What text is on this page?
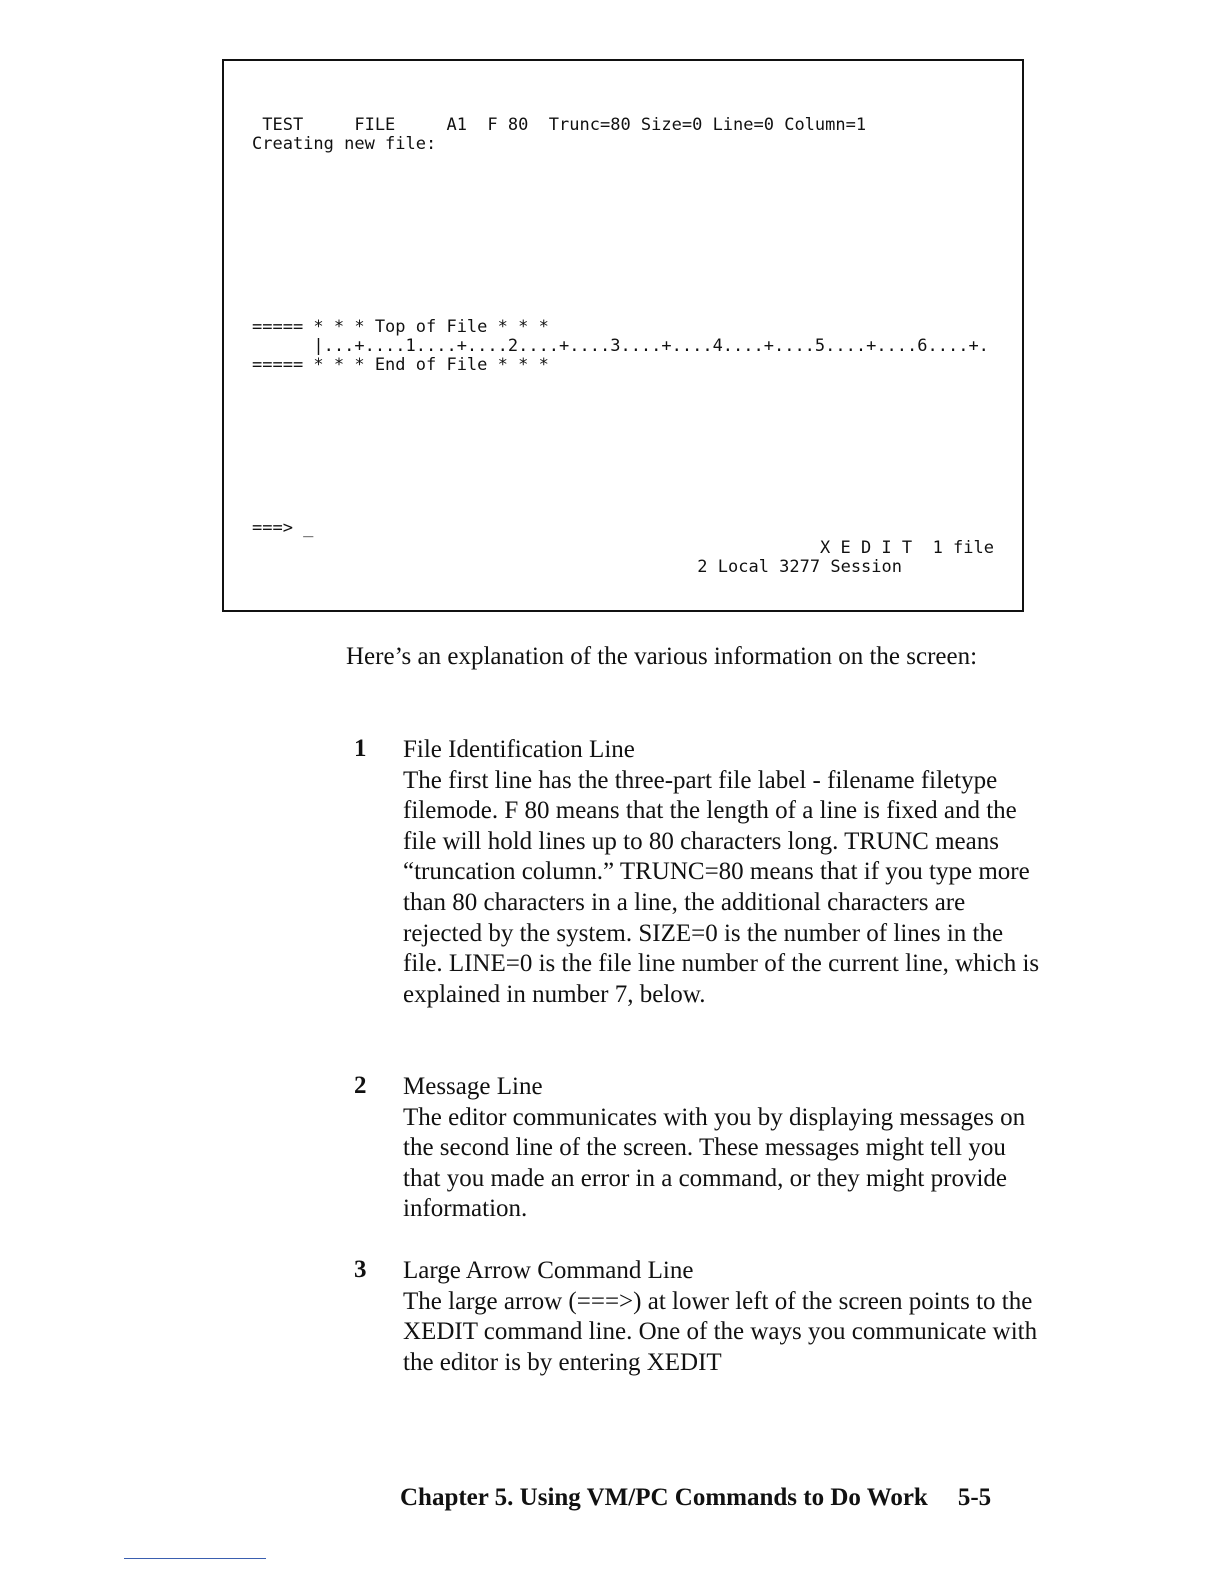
TEST     FILE     A1  F 80  Trunc=80 Size=0 Line=0 Column=1
Creating new file:
===== * * * Top of File * * *
|...+....1....+....2....+....3....+....4....+....5....+....6....+.
===== * * * End of File * * *
===> _
X E D I T  1 file
2 Local 3277 Session
Here’s an explanation of the various information on the screen:
1 File Identification Line
The first line has the three-part file label - filename filetype filemode. F 80 means that the length of a line is fixed and the file will hold lines up to 80 characters long. TRUNC means “truncation column.” TRUNC=80 means that if you type more than 80 characters in a line, the additional characters are rejected by the system. SIZE=0 is the number of lines in the file. LINE=0 is the file line number of the current line, which is explained in number 7, below.
2 Message Line
The editor communicates with you by displaying messages on the second line of the screen. These messages might tell you that you made an error in a command, or they might provide information.
3 Large Arrow Command Line
The large arrow (===>) at lower left of the screen points to the XEDIT command line. One of the ways you communicate with the editor is by entering XEDIT
Chapter 5. Using VM/PC Commands to Do Work 5-5
